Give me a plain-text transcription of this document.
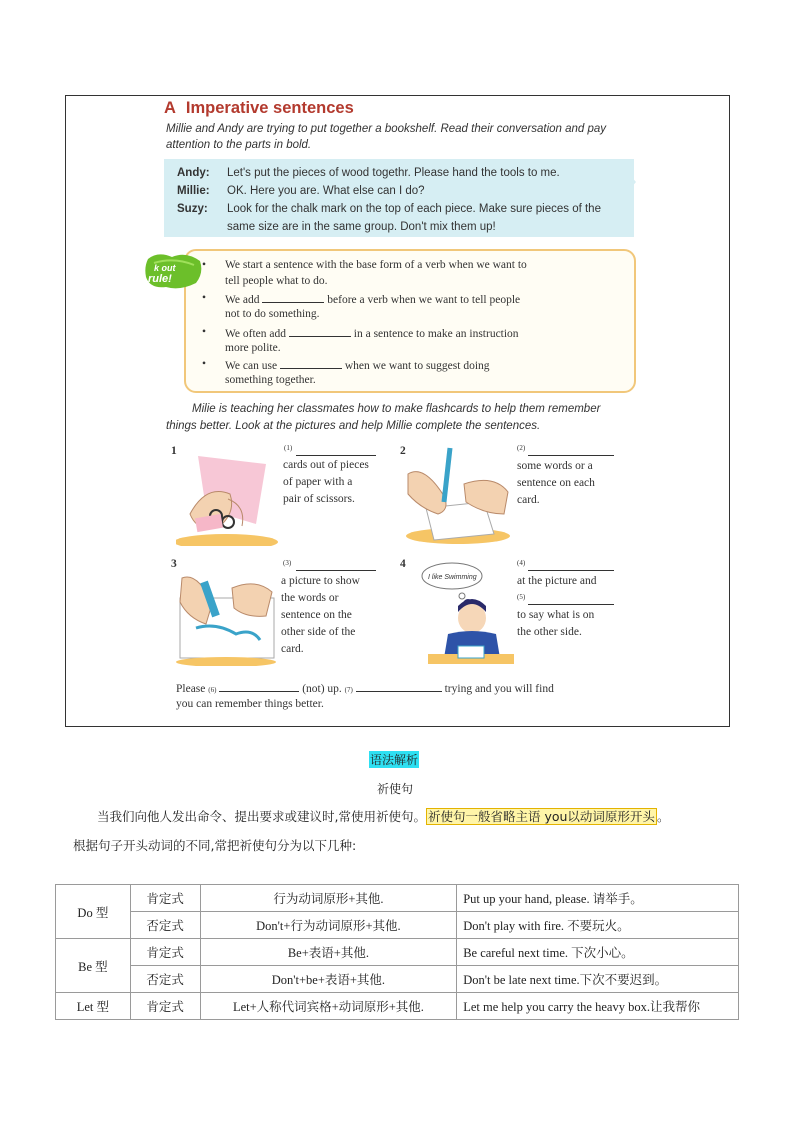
A Imperative sentences
Millie and Andy are trying to put together a bookshelf. Read their conversation and pay
attention to the parts in bold.
Andy: Let's put the pieces of wood togethr. Please hand the tools to me.
Millie: OK. Here you are. What else can I do?
Suzy: Look for the chalk mark on the top of each piece. Make sure pieces of the
same size are in the same group. Don't mix them up!
k out
rule!
• We start a sentence with the base form of a verb when we want to
tell people what to do.
• We add	before a verb when we want to tell people
not to do something.
• We often add	in a sentence to make an instruction
more polite.
• We can use	when we want to suggest doing
something together.
Milie is teaching her classmates how to make flashcards to help them remember
things better. Look at the pictures and help Millie complete the sentences.
1	(1)
cards out of pieces
of paper with a
pair of scissors.
2	(2)
some words or a
sentence on each
card.
3	(3)
a picture to show
the words or
sentence on the
other side of the
card.
4
I like Swimming
(4)
at the picture and
(5)
to say what is on
the other side.
Please (6)	(not) up. (7)	trying and you will find
you can remember things better.
语法解析
祈使句
当我们向他人发出命令、提出要求或建议时,常使用祈使句。 祈使句一般省略主语 you以动词原形开头 。
根据句子开头动词的不同,常把祈使句分为以下几种:
Do 型	肯定式	行为动词原形+其他.	Put up your hand, please. 请举手。
	否定式	Don't+行为动词原形+其他.	Don't play with fire. 不要玩火。
Be 型	肯定式	Be+表语+其他.	Be careful next time. 下次小心。
	否定式	Don't+be+表语+其他.	Don't be late next time.下次不要迟到。
Let 型	肯定式	Let+人称代词宾格+动词原形+其他.	Let me help you carry the heavy box.让我帮你
